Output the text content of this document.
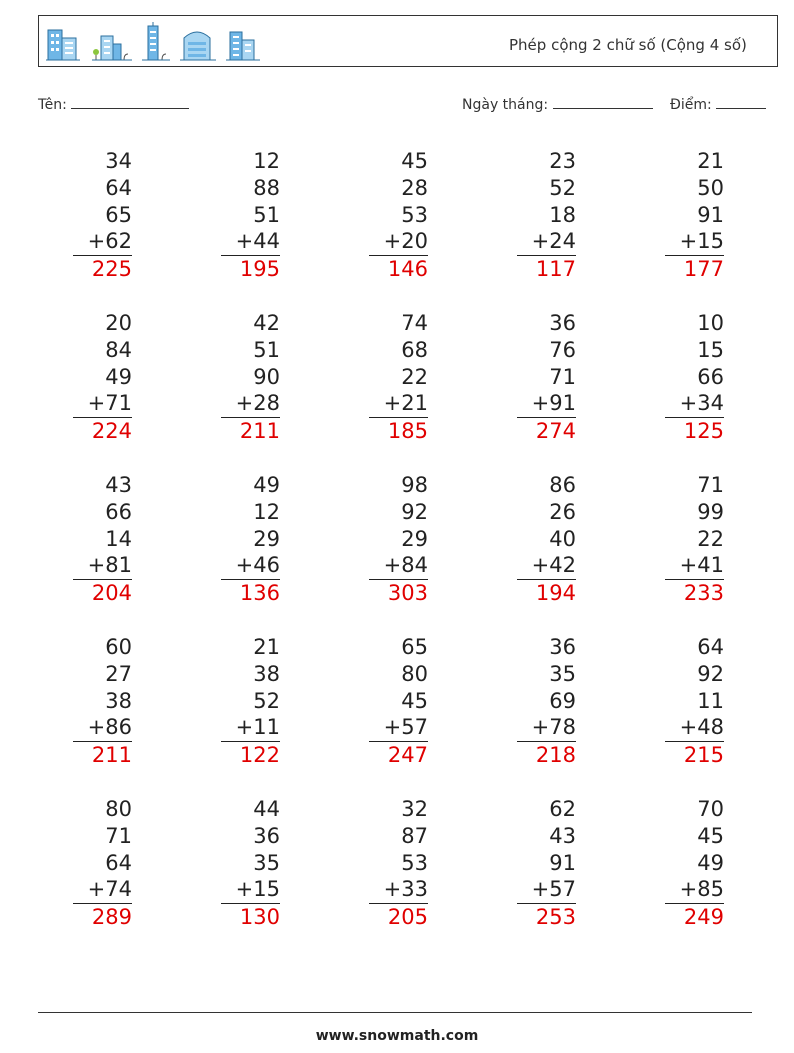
Phép cộng 2 chữ số (Cộng 4 số)
Tên:	Ngày tháng:	Điểm:
34
64
65
+62
225
12
88
51
+44
195
45
28
53
+20
146
23
52
18
+24
117
21
50
91
+15
177
20
84
49
+71
224
42
51
90
+28
211
74
68
22
+21
185
36
76
71
+91
274
10
15
66
+34
125
43
66
14
+81
204
49
12
29
+46
136
98
92
29
+84
303
86
26
40
+42
194
71
99
22
+41
233
60
27
38
+86
211
21
38
52
+11
122
65
80
45
+57
247
36
35
69
+78
218
64
92
11
+48
215
80
71
64
+74
289
44
36
35
+15
130
32
87
53
+33
205
62
43
91
+57
253
70
45
49
+85
249
www.snowmath.com
